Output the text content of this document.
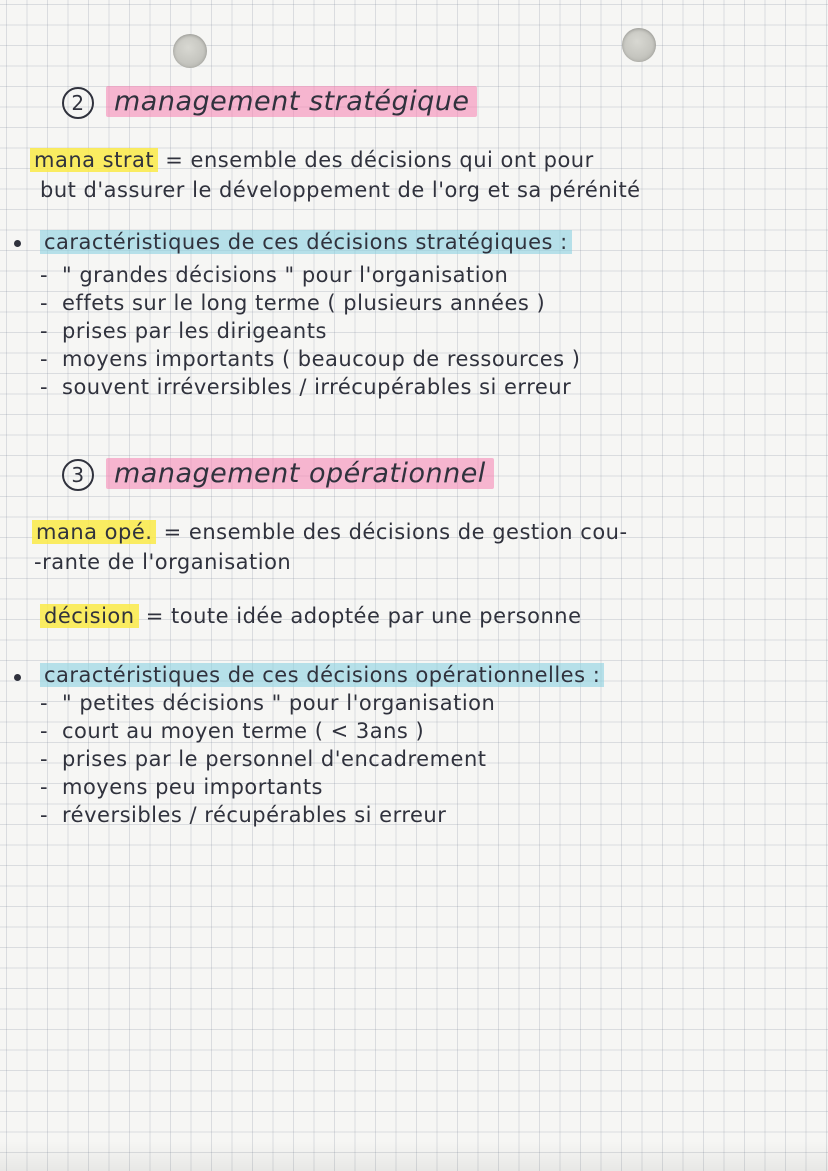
2 management stratégique
mana strat = ensemble des décisions qui ont pour
but d'assurer le développement de l'org et sa pérénité
caractéristiques de ces décisions stratégiques :
- " grandes décisions " pour l'organisation
- effets sur le long terme ( plusieurs années )
- prises par les dirigeants
- moyens importants ( beaucoup de ressources )
- souvent irréversibles / irrécupérables si erreur
3 management opérationnel
mana opé. = ensemble des décisions de gestion cou-
-rante de l'organisation
décision = toute idée adoptée par une personne
caractéristiques de ces décisions opérationnelles :
- " petites décisions " pour l'organisation
- court au moyen terme ( < 3ans )
- prises par le personnel d'encadrement
- moyens peu importants
- réversibles / récupérables si erreur
